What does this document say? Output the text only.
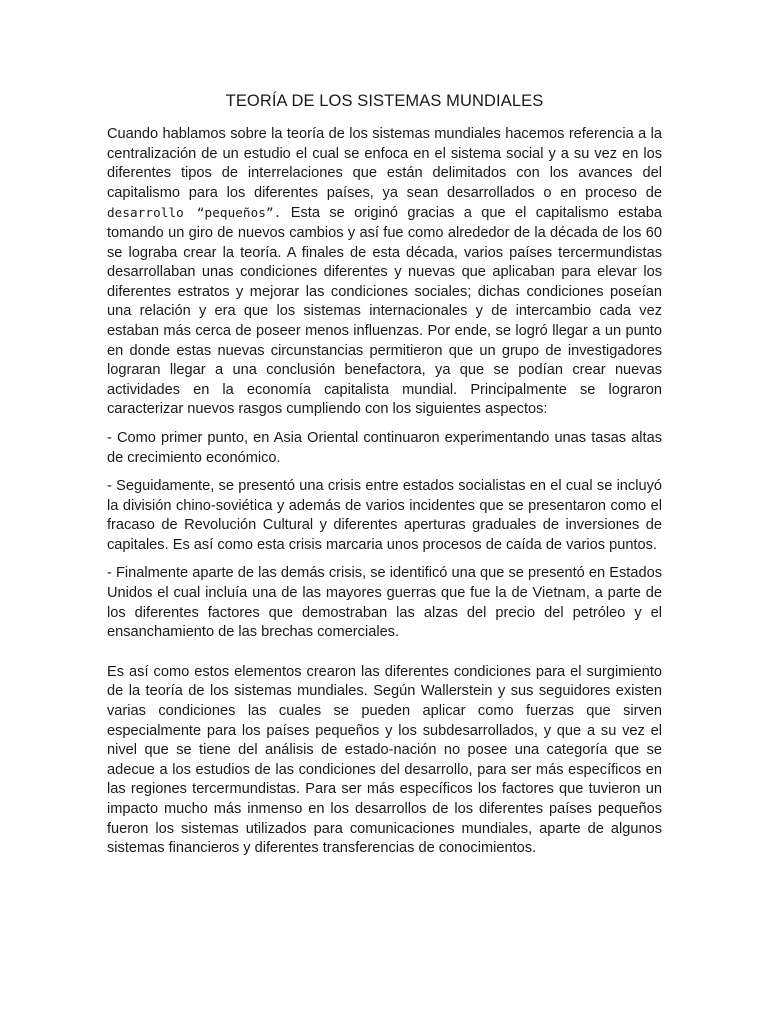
TEORÍA DE LOS SISTEMAS MUNDIALES

Cuando hablamos sobre la teoría de los sistemas mundiales hacemos referencia a la centralización de un estudio el cual se enfoca en el sistema social y a su vez en los diferentes tipos de interrelaciones que están delimitados con los avances del capitalismo para los diferentes países, ya sean desarrollados o en proceso de desarrollo “pequeños”. Esta se originó gracias a que el capitalismo estaba tomando un giro de nuevos cambios y así fue como alrededor de la década de los 60 se lograba crear la teoría. A finales de esta década, varios países tercermundistas desarrollaban unas condiciones diferentes y nuevas que aplicaban para elevar los diferentes estratos y mejorar las condiciones sociales; dichas condiciones poseían una relación y era que los sistemas internacionales y de intercambio cada vez estaban más cerca de poseer menos influenzas. Por ende, se logró llegar a un punto en donde estas nuevas circunstancias permitieron que un grupo de investigadores lograran llegar a una conclusión benefactora, ya que se podían crear nuevas actividades en la economía capitalista mundial. Principalmente se lograron caracterizar nuevos rasgos cumpliendo con los siguientes aspectos:

- Como primer punto, en Asia Oriental continuaron experimentando unas tasas altas de crecimiento económico.

- Seguidamente, se presentó una crisis entre estados socialistas en el cual se incluyó la división chino-soviética y además de varios incidentes que se presentaron como el fracaso de Revolución Cultural y diferentes aperturas graduales de inversiones de capitales. Es así como esta crisis marcaria unos procesos de caída de varios puntos.

- Finalmente aparte de las demás crisis, se identificó una que se presentó en Estados Unidos el cual incluía una de las mayores guerras que fue la de Vietnam, a parte de los diferentes factores que demostraban las alzas del precio del petróleo y el ensanchamiento de las brechas comerciales.

Es así como estos elementos crearon las diferentes condiciones para el surgimiento de la teoría de los sistemas mundiales. Según Wallerstein y sus seguidores existen varias condiciones las cuales se pueden aplicar como fuerzas que sirven especialmente para los países pequeños y los subdesarrollados, y que a su vez el nivel que se tiene del análisis de estado-nación no posee una categoría que se adecue a los estudios de las condiciones del desarrollo, para ser más específicos en las regiones tercermundistas. Para ser más específicos los factores que tuvieron un impacto mucho más inmenso en los desarrollos de los diferentes países pequeños fueron los sistemas utilizados para comunicaciones mundiales, aparte de algunos sistemas financieros y diferentes transferencias de conocimientos.
